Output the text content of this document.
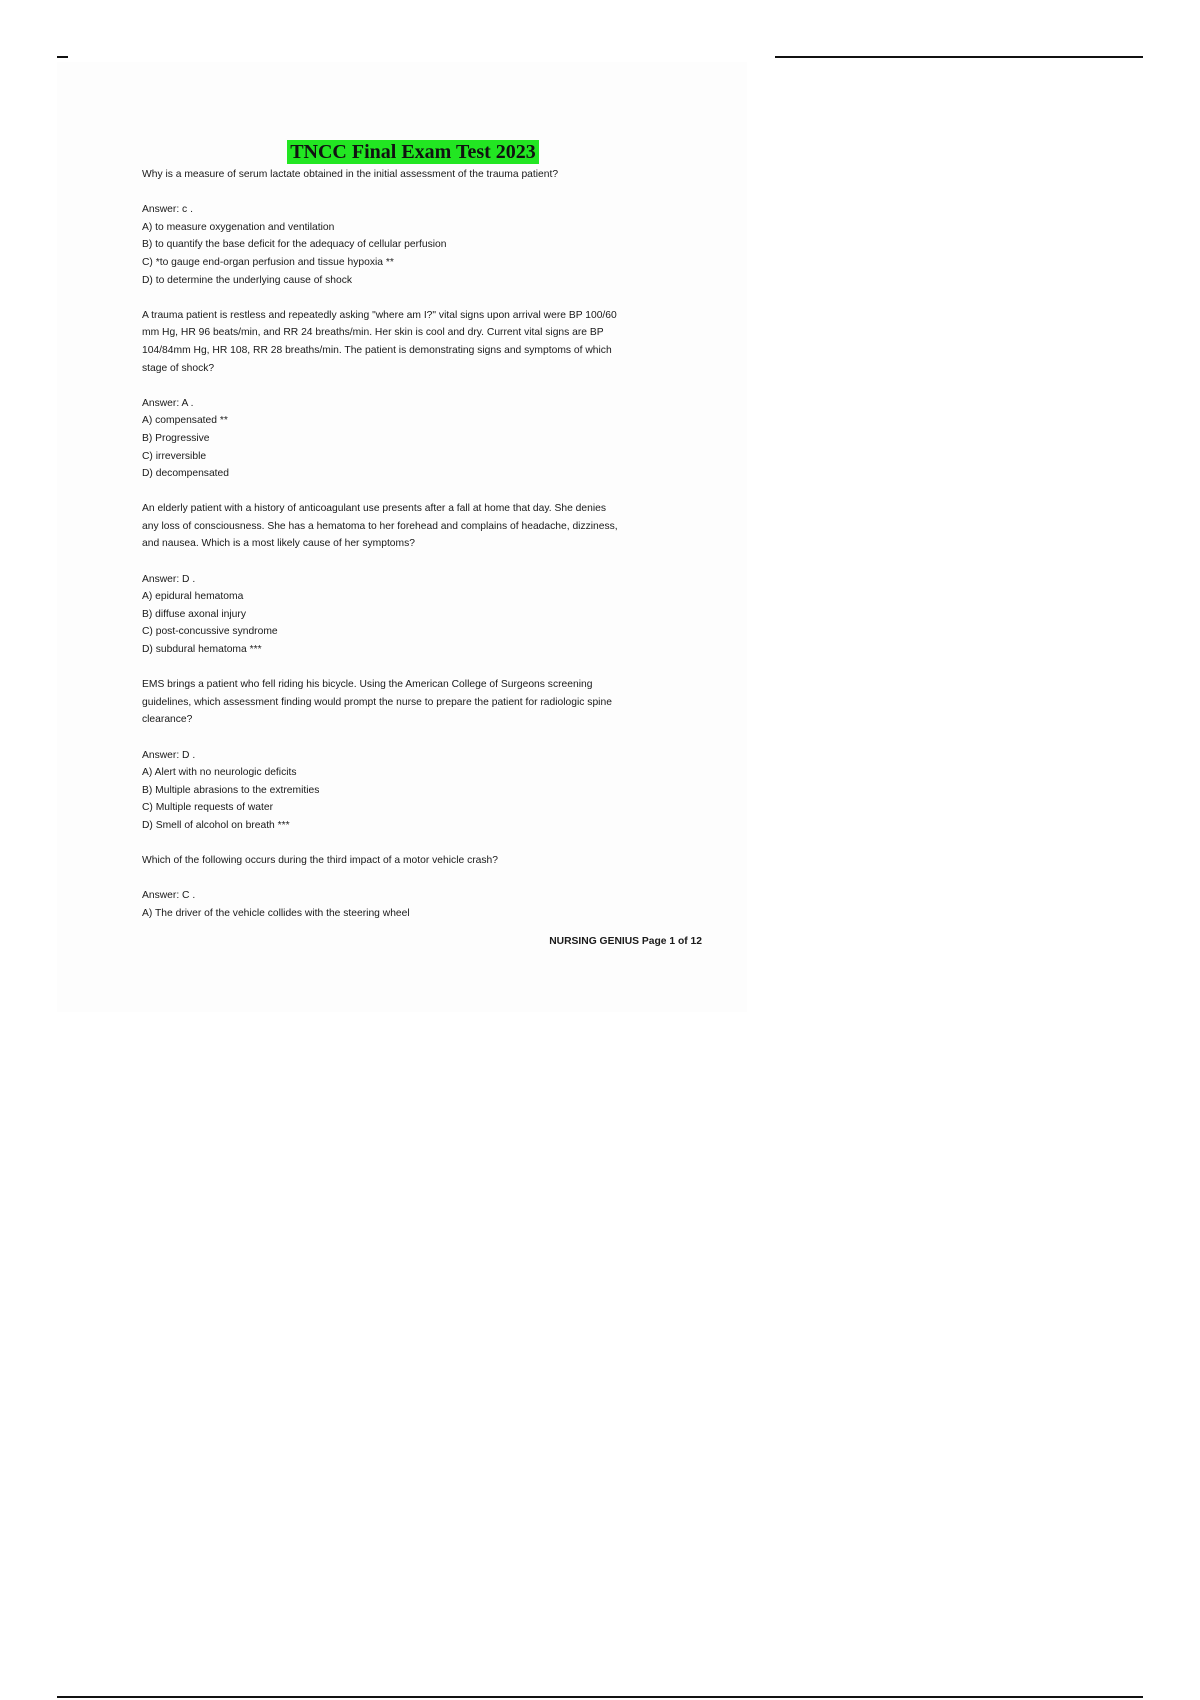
TNCC Final Exam Test 2023
Why is a measure of serum lactate obtained in the initial assessment of the trauma patient?
Answer: c .
A) to measure oxygenation and ventilation
B) to quantify the base deficit for the adequacy of cellular perfusion
C) *to gauge end-organ perfusion and tissue hypoxia **
D) to determine the underlying cause of shock
A trauma patient is restless and repeatedly asking "where am I?" vital signs upon arrival were BP 100/60
mm Hg, HR 96 beats/min, and RR 24 breaths/min. Her skin is cool and dry. Current vital signs are BP
104/84mm Hg, HR 108, RR 28 breaths/min. The patient is demonstrating signs and symptoms of which
stage of shock?
Answer: A .
A) compensated **
B) Progressive
C) irreversible
D) decompensated
An elderly patient with a history of anticoagulant use presents after a fall at home that day. She denies
any loss of consciousness. She has a hematoma to her forehead and complains of headache, dizziness,
and nausea. Which is a most likely cause of her symptoms?
Answer: D .
A) epidural hematoma
B) diffuse axonal injury
C) post-concussive syndrome
D) subdural hematoma ***
EMS brings a patient who fell riding his bicycle. Using the American College of Surgeons screening
guidelines, which assessment finding would prompt the nurse to prepare the patient for radiologic spine
clearance?
Answer: D .
A) Alert with no neurologic deficits
B) Multiple abrasions to the extremities
C) Multiple requests of water
D) Smell of alcohol on breath ***
Which of the following occurs during the third impact of a motor vehicle crash?
Answer: C .
A) The driver of the vehicle collides with the steering wheel
NURSING GENIUS Page 1 of 12
